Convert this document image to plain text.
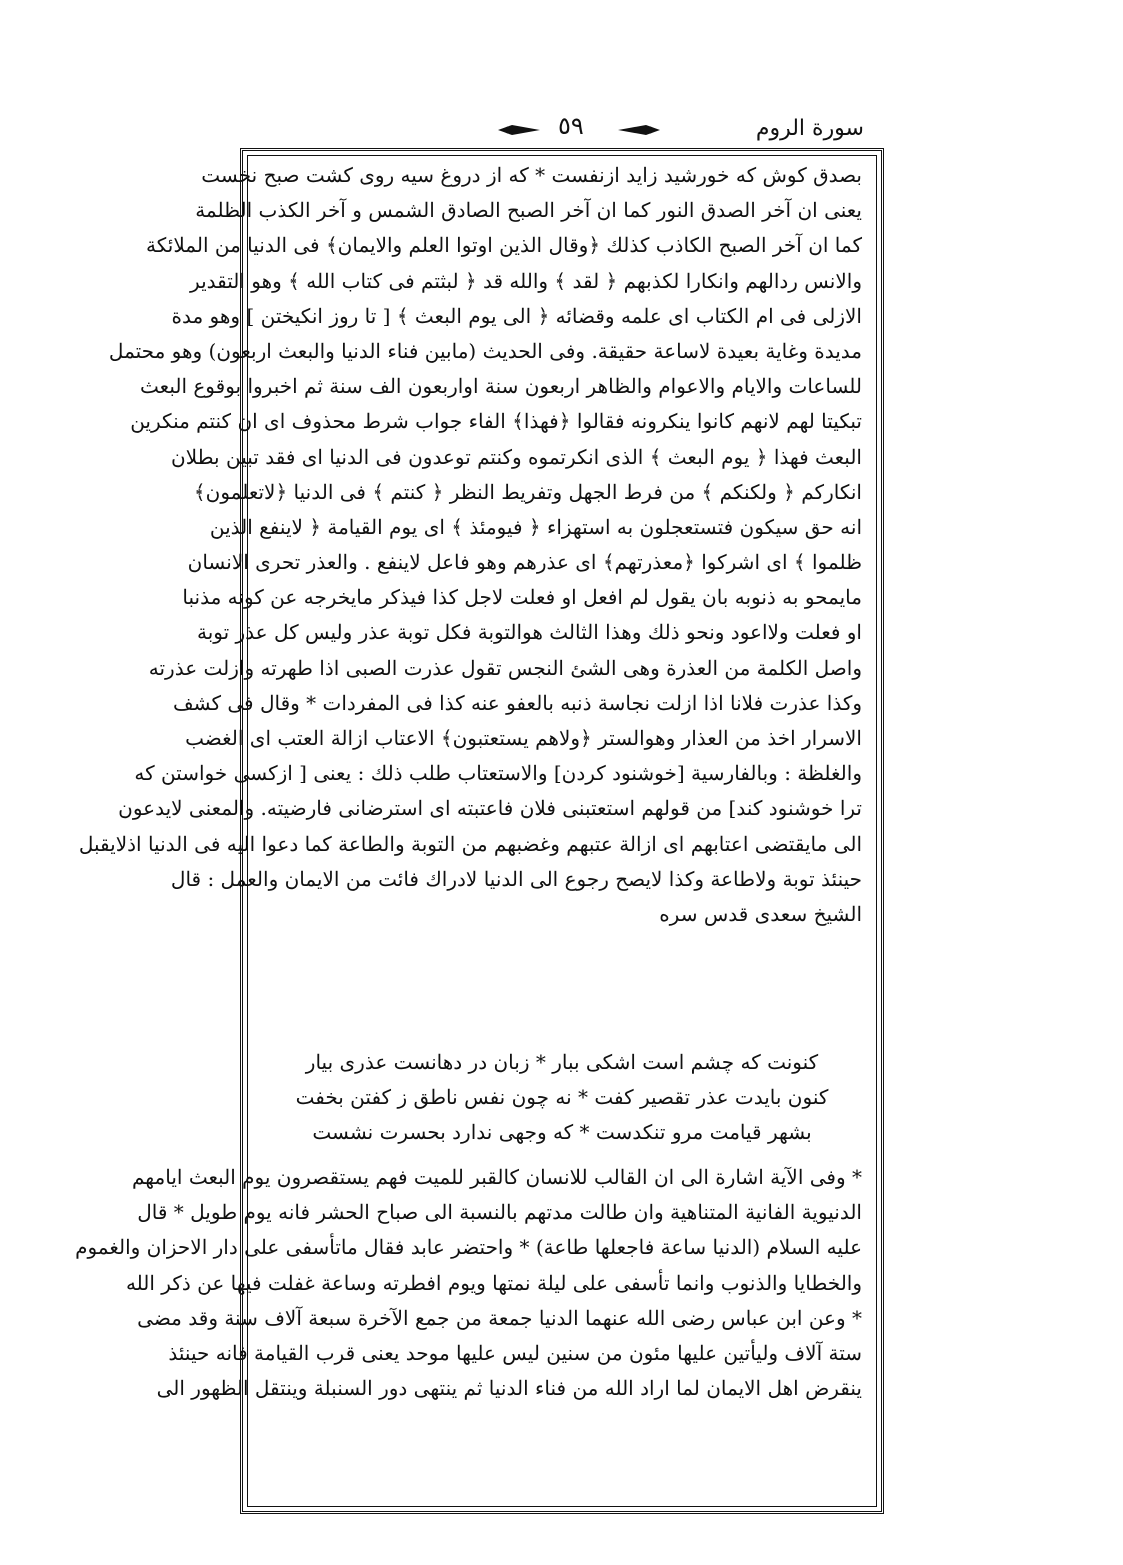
سورة الروم
٥٩
بصدق كوش كه خورشيد زايد ازنفست * كه از دروغ سيه روى كشت صبح نخست
يعنى ان آخر الصدق النور كما ان آخر الصبح الصادق الشمس و آخر الكذب الظلمة
كما ان آخر الصبح الكاذب كذلك ﴿وقال الذين اوتوا العلم والايمان﴾ فى الدنيا من الملائكة
والانس ردالهم وانكارا لكذبهم ﴿ لقد ﴾ والله قد ﴿ لبثتم فى كتاب الله ﴾ وهو التقدير
الازلى فى ام الكتاب اى علمه وقضائه ﴿ الى يوم البعث ﴾ [ تا روز انكيختن ] وهو مدة
مديدة وغاية بعيدة لاساعة حقيقة. وفى الحديث (مابين فناء الدنيا والبعث اربعون) وهو محتمل
للساعات والايام والاعوام والظاهر اربعون سنة اواربعون الف سنة ثم اخبروا بوقوع البعث
تبكيتا لهم لانهم كانوا ينكرونه فقالوا ﴿فهذا﴾ الفاء جواب شرط محذوف اى ان كنتم منكرين
البعث فهذا ﴿ يوم البعث ﴾ الذى انكرتموه وكنتم توعدون فى الدنيا اى فقد تبين بطلان
انكاركم ﴿ ولكنكم ﴾ من فرط الجهل وتفريط النظر ﴿ كنتم ﴾ فى الدنيا ﴿لاتعلمون﴾
انه حق سيكون فتستعجلون به استهزاء ﴿ فيومئذ ﴾ اى يوم القيامة ﴿ لاينفع الذين
ظلموا ﴾ اى اشركوا ﴿معذرتهم﴾ اى عذرهم وهو فاعل لاينفع . والعذر تحرى الانسان
مايمحو به ذنوبه بان يقول لم افعل او فعلت لاجل كذا فيذكر مايخرجه عن كونه مذنبا
او فعلت ولااعود ونحو ذلك وهذا الثالث هوالتوبة فكل توبة عذر وليس كل عذر توبة
واصل الكلمة من العذرة وهى الشئ النجس تقول عذرت الصبى اذا طهرته وازلت عذرته
وكذا عذرت فلانا اذا ازلت نجاسة ذنبه بالعفو عنه كذا فى المفردات * وقال فى كشف
الاسرار اخذ من العذار وهوالستر ﴿ولاهم يستعتبون﴾ الاعتاب ازالة العتب اى الغضب
والغلظة : وبالفارسية [خوشنود كردن] والاستعتاب طلب ذلك : يعنى [ ازكسى خواستن كه
ترا خوشنود كند] من قولهم استعتبنى فلان فاعتبته اى استرضانى فارضيته. والمعنى لايدعون
الى مايقتضى اعتابهم اى ازالة عتبهم وغضبهم من التوبة والطاعة كما دعوا اليه فى الدنيا اذلايقبل
حينئذ توبة ولاطاعة وكذا لايصح رجوع الى الدنيا لادراك فائت من الايمان والعمل : قال
الشيخ سعدى قدس سره
كنونت كه چشم است اشكى ببار * زبان در دهانست عذرى بيار
كنون بايدت عذر تقصير كفت * نه چون نفس ناطق ز كفتن بخفت
بشهر قيامت مرو تنكدست * كه وجهى ندارد بحسرت نشست
* وفى الآية اشارة الى ان القالب للانسان كالقبر للميت فهم يستقصرون يوم البعث ايامهم
الدنيوية الفانية المتناهية وان طالت مدتهم بالنسبة الى صباح الحشر فانه يوم طويل * قال
عليه السلام (الدنيا ساعة فاجعلها طاعة) * واحتضر عابد فقال ماتأسفى على دار الاحزان والغموم
والخطايا والذنوب وانما تأسفى على ليلة نمتها ويوم افطرته وساعة غفلت فيها عن ذكر الله
* وعن ابن عباس رضى الله عنهما الدنيا جمعة من جمع الآخرة سبعة آلاف سنة وقد مضى
ستة آلاف وليأتين عليها مئون من سنين ليس عليها موحد يعنى قرب القيامة فانه حينئذ
ينقرض اهل الايمان لما اراد الله من فناء الدنيا ثم ينتهى دور السنبلة وينتقل الظهور الى
